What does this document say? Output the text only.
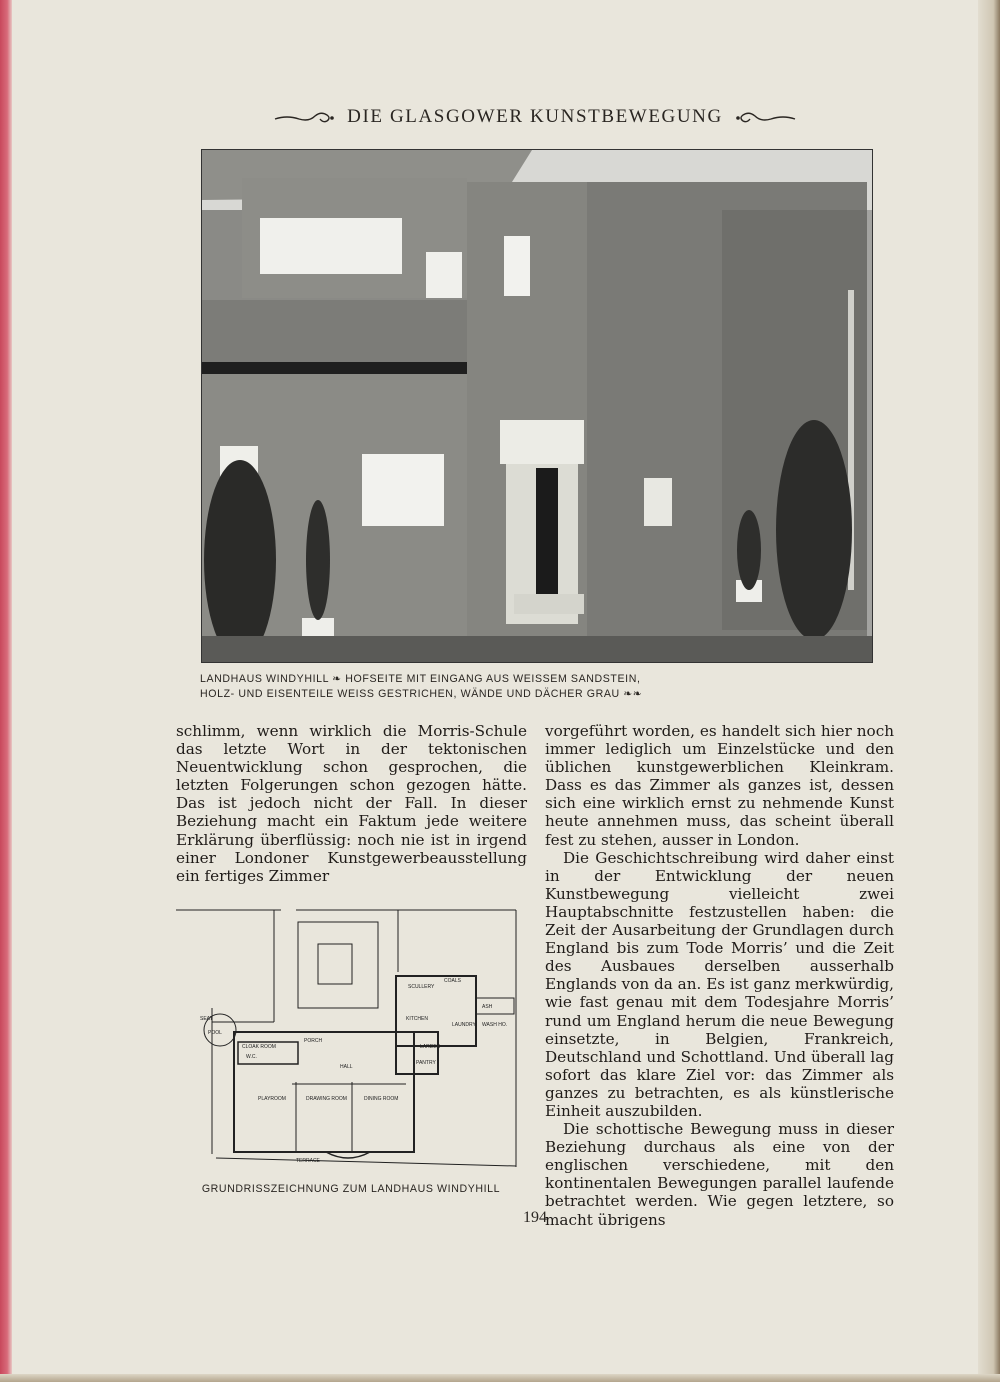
DIE GLASGOWER KUNSTBEWEGUNG
LANDHAUS WINDYHILL ❧ HOFSEITE MIT EINGANG AUS WEISSEM SANDSTEIN,
HOLZ- UND EISENTEILE WEISS GESTRICHEN, WÄNDE UND DÄCHER GRAU ❧❧

schlimm, wenn wirklich die Morris-Schule das letzte Wort in der tektonischen Neuentwicklung schon gesprochen, die letzten Folgerungen schon gezogen hätte. Das ist jedoch nicht der Fall. In dieser Beziehung macht ein Faktum jede weitere Erklärung überflüssig: noch nie ist in irgend einer Londoner Kunstgewerbeausstellung ein fertiges Zimmer

vorgeführt worden, es handelt sich hier noch immer lediglich um Einzelstücke und den üblichen kunstgewerblichen Kleinkram. Dass es das Zimmer als ganzes ist, dessen sich eine wirklich ernst zu nehmende Kunst heute annehmen muss, das scheint überall fest zu stehen, ausser in London.

Die Geschichtschreibung wird daher einst in der Entwicklung der neuen Kunstbewegung vielleicht zwei Hauptabschnitte festzustellen haben: die Zeit der Ausarbeitung der Grundlagen durch England bis zum Tode Morris’ und die Zeit des Ausbaues derselben ausserhalb Englands von da an. Es ist ganz merkwürdig, wie fast genau mit dem Todesjahre Morris’ rund um England herum die neue Bewegung einsetzte, in Belgien, Frankreich, Deutschland und Schottland. Und überall lag sofort das klare Ziel vor: das Zimmer als ganzes zu betrachten, es als künstlerische Einheit auszubilden.

Die schottische Bewegung muss in dieser Beziehung durchaus als eine von der englischen verschiedene, mit den kontinentalen Bewegungen parallel laufende betrachtet werden. Wie gegen letztere, so macht übrigens

SCULLERY
COALS
ASH
KITCHEN
LAUNDRY WASH HO.
LARDER
PANTRY
CLOAK ROOM
PORCH
W.C.
HALL
PLAYROOM	DRAWING ROOM	DINING ROOM
TERRACE
SEAT
POOL
GRUNDRISSZEICHNUNG ZUM LANDHAUS WINDYHILL
194
